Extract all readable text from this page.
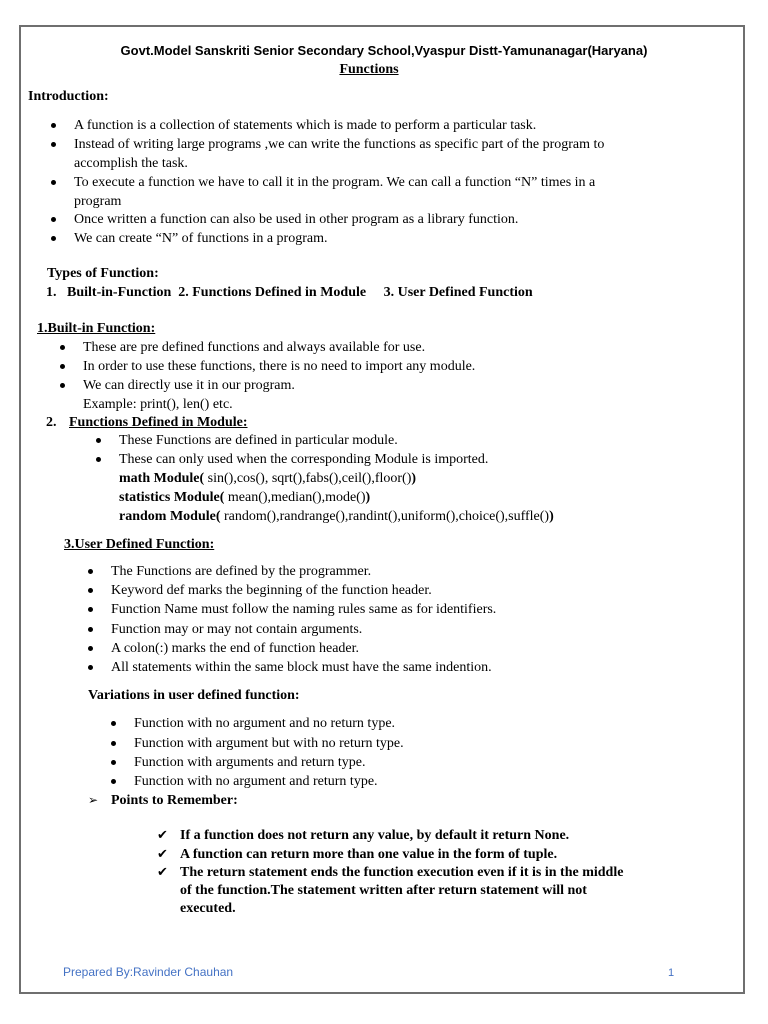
Govt.Model Sanskriti Senior Secondary School,Vyaspur Distt-Yamunanagar(Haryana)
Functions
Introduction:
A function is a collection of statements which is made to perform a particular task.
Instead of writing large programs ,we can write the functions as specific part of the program to
accomplish the task.
To execute a function we have to call it in the program. We can call a function “N” times in a
program
Once written a function can also be used in other program as a library function.
We can create “N” of functions in a program.
Types of Function:
1.   Built-in-Function  2. Functions Defined in Module     3. User Defined Function
1.Built-in Function:
These are pre defined functions and always available for use.
In order to use these functions, there is no need to import any module.
We can directly use it in our program.
Example: print(), len() etc.
2. Functions Defined in Module:
These Functions are defined in particular module.
These can only used when the corresponding Module is imported.
math Module( sin(),cos(), sqrt(),fabs(),ceil(),floor())
statistics Module( mean(),median(),mode())
random Module( random(),randrange(),randint(),uniform(),choice(),suffle())
3.User Defined Function:
The Functions are defined by the programmer.
Keyword def marks the beginning of the function header.
Function Name must follow the naming rules same as for identifiers.
Function may or may not contain arguments.
A colon(:) marks the end of function header.
All statements within the same block must have the same indention.
Variations in user defined function:
Function with no argument and no return type.
Function with argument but with no return type.
Function with arguments and return type.
Function with no argument and return type.
➢ Points to Remember:
✔ If a function does not return any value, by default it return None.
✔ A function can return more than one value in the form of tuple.
✔ The return statement ends the function execution even if it is in the middle
of the function.The statement written after return statement will not
executed.
Prepared By:Ravinder Chauhan	1
